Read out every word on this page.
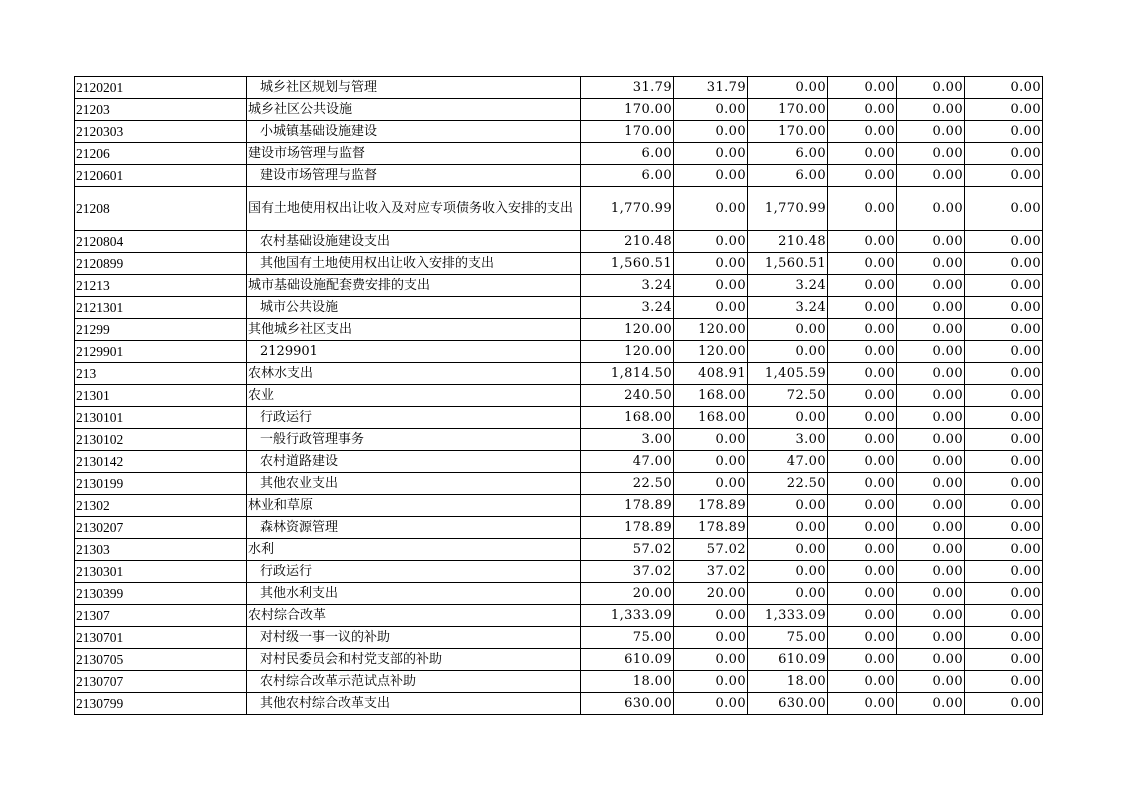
2120201	城乡社区规划与管理	31.79	31.79	0.00	0.00	0.00	0.00
21203	城乡社区公共设施	170.00	0.00	170.00	0.00	0.00	0.00
2120303	小城镇基础设施建设	170.00	0.00	170.00	0.00	0.00	0.00
21206	建设市场管理与监督	6.00	0.00	6.00	0.00	0.00	0.00
2120601	建设市场管理与监督	6.00	0.00	6.00	0.00	0.00	0.00
21208	国有土地使用权出让收入及对应专项债务收入安排的支出	1,770.99	0.00	1,770.99	0.00	0.00	0.00
2120804	农村基础设施建设支出	210.48	0.00	210.48	0.00	0.00	0.00
2120899	其他国有土地使用权出让收入安排的支出	1,560.51	0.00	1,560.51	0.00	0.00	0.00
21213	城市基础设施配套费安排的支出	3.24	0.00	3.24	0.00	0.00	0.00
2121301	城市公共设施	3.24	0.00	3.24	0.00	0.00	0.00
21299	其他城乡社区支出	120.00	120.00	0.00	0.00	0.00	0.00
2129901	2129901	120.00	120.00	0.00	0.00	0.00	0.00
213	农林水支出	1,814.50	408.91	1,405.59	0.00	0.00	0.00
21301	农业	240.50	168.00	72.50	0.00	0.00	0.00
2130101	行政运行	168.00	168.00	0.00	0.00	0.00	0.00
2130102	一般行政管理事务	3.00	0.00	3.00	0.00	0.00	0.00
2130142	农村道路建设	47.00	0.00	47.00	0.00	0.00	0.00
2130199	其他农业支出	22.50	0.00	22.50	0.00	0.00	0.00
21302	林业和草原	178.89	178.89	0.00	0.00	0.00	0.00
2130207	森林资源管理	178.89	178.89	0.00	0.00	0.00	0.00
21303	水利	57.02	57.02	0.00	0.00	0.00	0.00
2130301	行政运行	37.02	37.02	0.00	0.00	0.00	0.00
2130399	其他水利支出	20.00	20.00	0.00	0.00	0.00	0.00
21307	农村综合改革	1,333.09	0.00	1,333.09	0.00	0.00	0.00
2130701	对村级一事一议的补助	75.00	0.00	75.00	0.00	0.00	0.00
2130705	对村民委员会和村党支部的补助	610.09	0.00	610.09	0.00	0.00	0.00
2130707	农村综合改革示范试点补助	18.00	0.00	18.00	0.00	0.00	0.00
2130799	其他农村综合改革支出	630.00	0.00	630.00	0.00	0.00	0.00
